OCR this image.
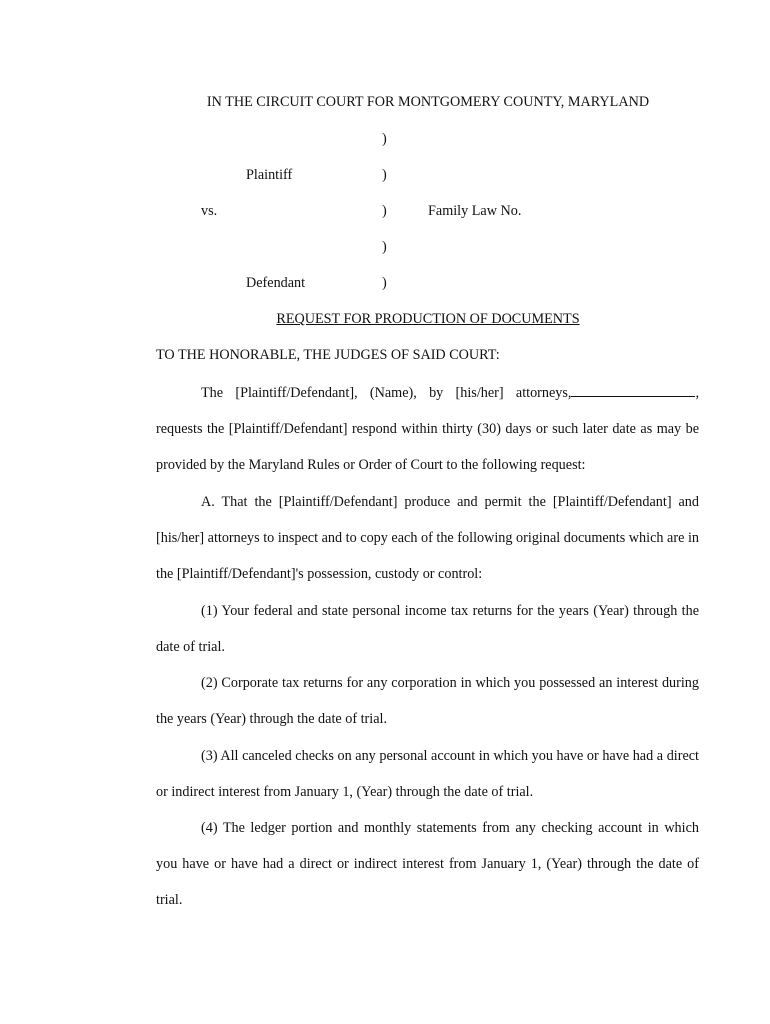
IN THE CIRCUIT COURT FOR MONTGOMERY COUNTY, MARYLAND
)
Plaintiff	)
vs.	)	Family Law No.
)
Defendant	)
REQUEST FOR PRODUCTION OF DOCUMENTS
TO THE HONORABLE, THE JUDGES OF SAID COURT:
The [Plaintiff/Defendant], (Name), by [his/her] attorneys,	, requests the [Plaintiff/Defendant] respond within thirty (30) days or such later date as may be provided by the Maryland Rules or Order of Court to the following request:
A. That the [Plaintiff/Defendant] produce and permit the [Plaintiff/Defendant] and [his/her] attorneys to inspect and to copy each of the following original documents which are in the [Plaintiff/Defendant]'s possession, custody or control:
(1) Your federal and state personal income tax returns for the years (Year) through the date of trial.
(2) Corporate tax returns for any corporation in which you possessed an interest during the years (Year) through the date of trial.
(3) All canceled checks on any personal account in which you have or have had a direct or indirect interest from January 1, (Year) through the date of trial.
(4) The ledger portion and monthly statements from any checking account in which you have or have had a direct or indirect interest from January 1, (Year) through the date of trial.
